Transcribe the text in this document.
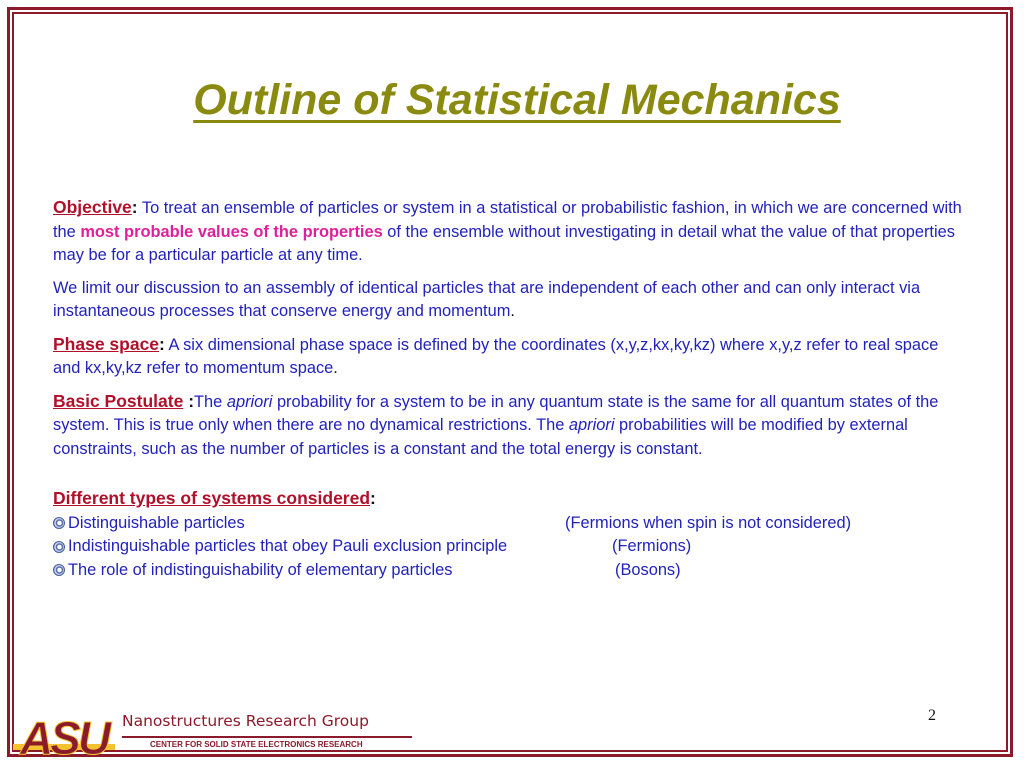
Outline of Statistical Mechanics

Objective: To treat an ensemble of particles or system in a statistical or probabilistic fashion, in which we are concerned with the most probable values of the properties of the ensemble without investigating in detail what the value of that properties may be for a particular particle at any time.

We limit our discussion to an assembly of identical particles that are independent of each other and can only interact via instantaneous processes that conserve energy and momentum.

Phase space: A six dimensional phase space is defined by the coordinates (x,y,z,kx,ky,kz) where x,y,z refer to real space and kx,ky,kz refer to momentum space.

Basic Postulate :The apriori probability for a system to be in any quantum state is the same for all quantum states of the system. This is true only when there are no dynamical restrictions. The apriori probabilities will be modified by external constraints, such as the number of particles is a constant and the total energy is constant.

Different types of systems considered:

Distinguishable particles	(Fermions when spin is not considered)
Indistinguishable particles that obey Pauli exclusion principle	(Fermions)
The role of indistinguishability of elementary particles	(Bosons)
2
ASU Nanostructures Research Group
CENTER FOR SOLID STATE ELECTRONICS RESEARCH
